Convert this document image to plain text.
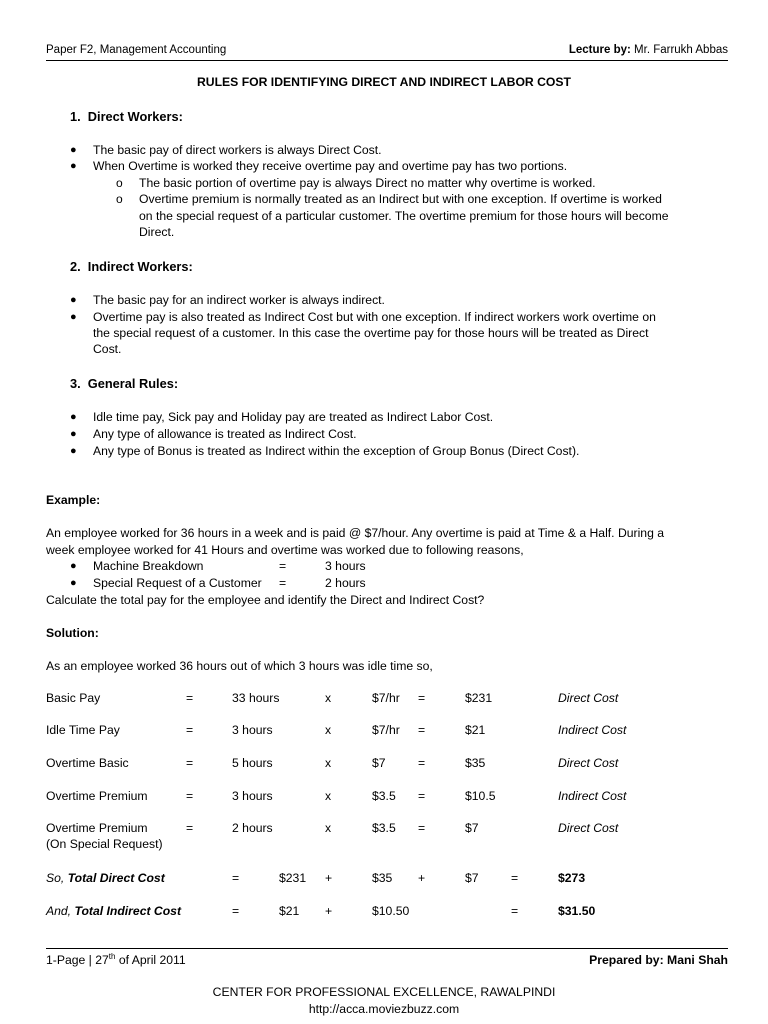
Paper F2, Management Accounting	Lecture by: Mr. Farrukh Abbas
RULES FOR IDENTIFYING DIRECT AND INDIRECT LABOR COST
1.  Direct Workers:
● The basic pay of direct workers is always Direct Cost.
● When Overtime is worked they receive overtime pay and overtime pay has two portions.
o The basic portion of overtime pay is always Direct no matter why overtime is worked.
o Overtime premium is normally treated as an Indirect but with one exception. If overtime is worked
on the special request of a particular customer. The overtime premium for those hours will become
Direct.
2.  Indirect Workers:
● The basic pay for an indirect worker is always indirect.
● Overtime pay is also treated as Indirect Cost but with one exception. If indirect workers work overtime on
the special request of a customer. In this case the overtime pay for those hours will be treated as Direct
Cost.
3.  General Rules:
● Idle time pay, Sick pay and Holiday pay are treated as Indirect Labor Cost.
● Any type of allowance is treated as Indirect Cost.
● Any type of Bonus is treated as Indirect within the exception of Group Bonus (Direct Cost).
Example:
An employee worked for 36 hours in a week and is paid @ $7/hour. Any overtime is paid at Time & a Half. During a
week employee worked for 41 Hours and overtime was worked due to following reasons,
● Machine Breakdown	=	3 hours
● Special Request of a Customer =	2 hours
Calculate the total pay for the employee and identify the Direct and Indirect Cost?
Solution:
As an employee worked 36 hours out of which 3 hours was idle time so,
Basic Pay	=	33 hours	x	$7/hr =	$231	Direct Cost
Idle Time Pay	=	3 hours	x	$7/hr =	$21	Indirect Cost
Overtime Basic	=	5 hours	x	$7	=	$35	Direct Cost
Overtime Premium	=	3 hours	x	$3.5 =	$10.5	Indirect Cost
Overtime Premium
(On Special Request)
=	2 hours	x	$3.5 =	$7	Direct Cost
So, Total Direct Cost	=	$231 +	$35 +	$7	=	$273
And, Total Indirect Cost	=	$21 +	$10.50	=	$31.50
1-Page | 27th of April 2011	Prepared by: Mani Shah
CENTER FOR PROFESSIONAL EXCELLENCE, RAWALPINDI
http://acca.moviezbuzz.com
